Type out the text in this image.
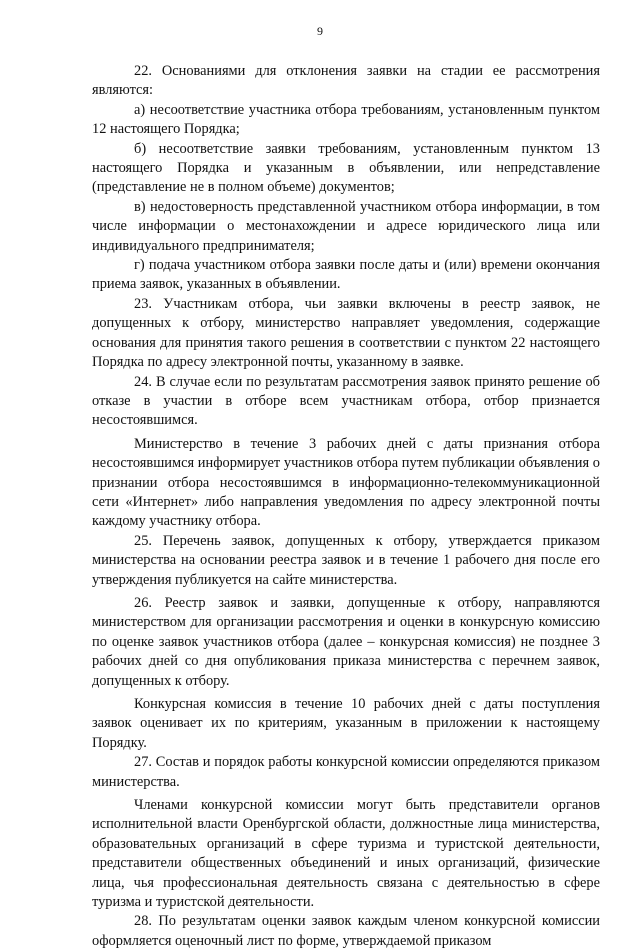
9

22. Основаниями для отклонения заявки на стадии ее рассмотрения являются:

а) несоответствие участника отбора требованиям, установленным пунктом 12 настоящего Порядка;

б) несоответствие заявки требованиям, установленным пунктом 13 настоящего Порядка и указанным в объявлении, или непредставление (представление не в полном объеме) документов;

в) недостоверность представленной участником отбора информации, в том числе информации о местонахождении и адресе юридического лица или индивидуального предпринимателя;

г) подача участником отбора заявки после даты и (или) времени окончания приема заявок, указанных в объявлении.

23. Участникам отбора, чьи заявки включены в реестр заявок, не допущенных к отбору, министерство направляет уведомления, содержащие основания для принятия такого решения в соответствии с пунктом 22 настоящего Порядка по адресу электронной почты, указанному в заявке.

24. В случае если по результатам рассмотрения заявок принято решение об отказе в участии в отборе всем участникам отбора, отбор признается несостоявшимся.

Министерство в течение 3 рабочих дней с даты признания отбора несостоявшимся информирует участников отбора путем публикации объявления о признании отбора несостоявшимся в информационно-телекоммуникационной сети «Интернет» либо направления уведомления по адресу электронной почты каждому участнику отбора.

25. Перечень заявок, допущенных к отбору, утверждается приказом министерства на основании реестра заявок и в течение 1 рабочего дня после его утверждения публикуется на сайте министерства.

26. Реестр заявок и заявки, допущенные к отбору, направляются министерством для организации рассмотрения и оценки в конкурсную комиссию по оценке заявок участников отбора (далее – конкурсная комиссия) не позднее 3 рабочих дней со дня опубликования приказа министерства с перечнем заявок, допущенных к отбору.

Конкурсная комиссия в течение 10 рабочих дней с даты поступления заявок оценивает их по критериям, указанным в приложении к настоящему Порядку.

27. Состав и порядок работы конкурсной комиссии определяются приказом министерства.

Членами конкурсной комиссии могут быть представители органов исполнительной власти Оренбургской области, должностные лица министерства, образовательных организаций в сфере туризма и туристской деятельности, представители общественных объединений и иных организаций, физические лица, чья профессиональная деятельность связана с деятельностью в сфере туризма и туристской деятельности.

28. По результатам оценки заявок каждым членом конкурсной комиссии оформляется оценочный лист по форме, утверждаемой приказом
